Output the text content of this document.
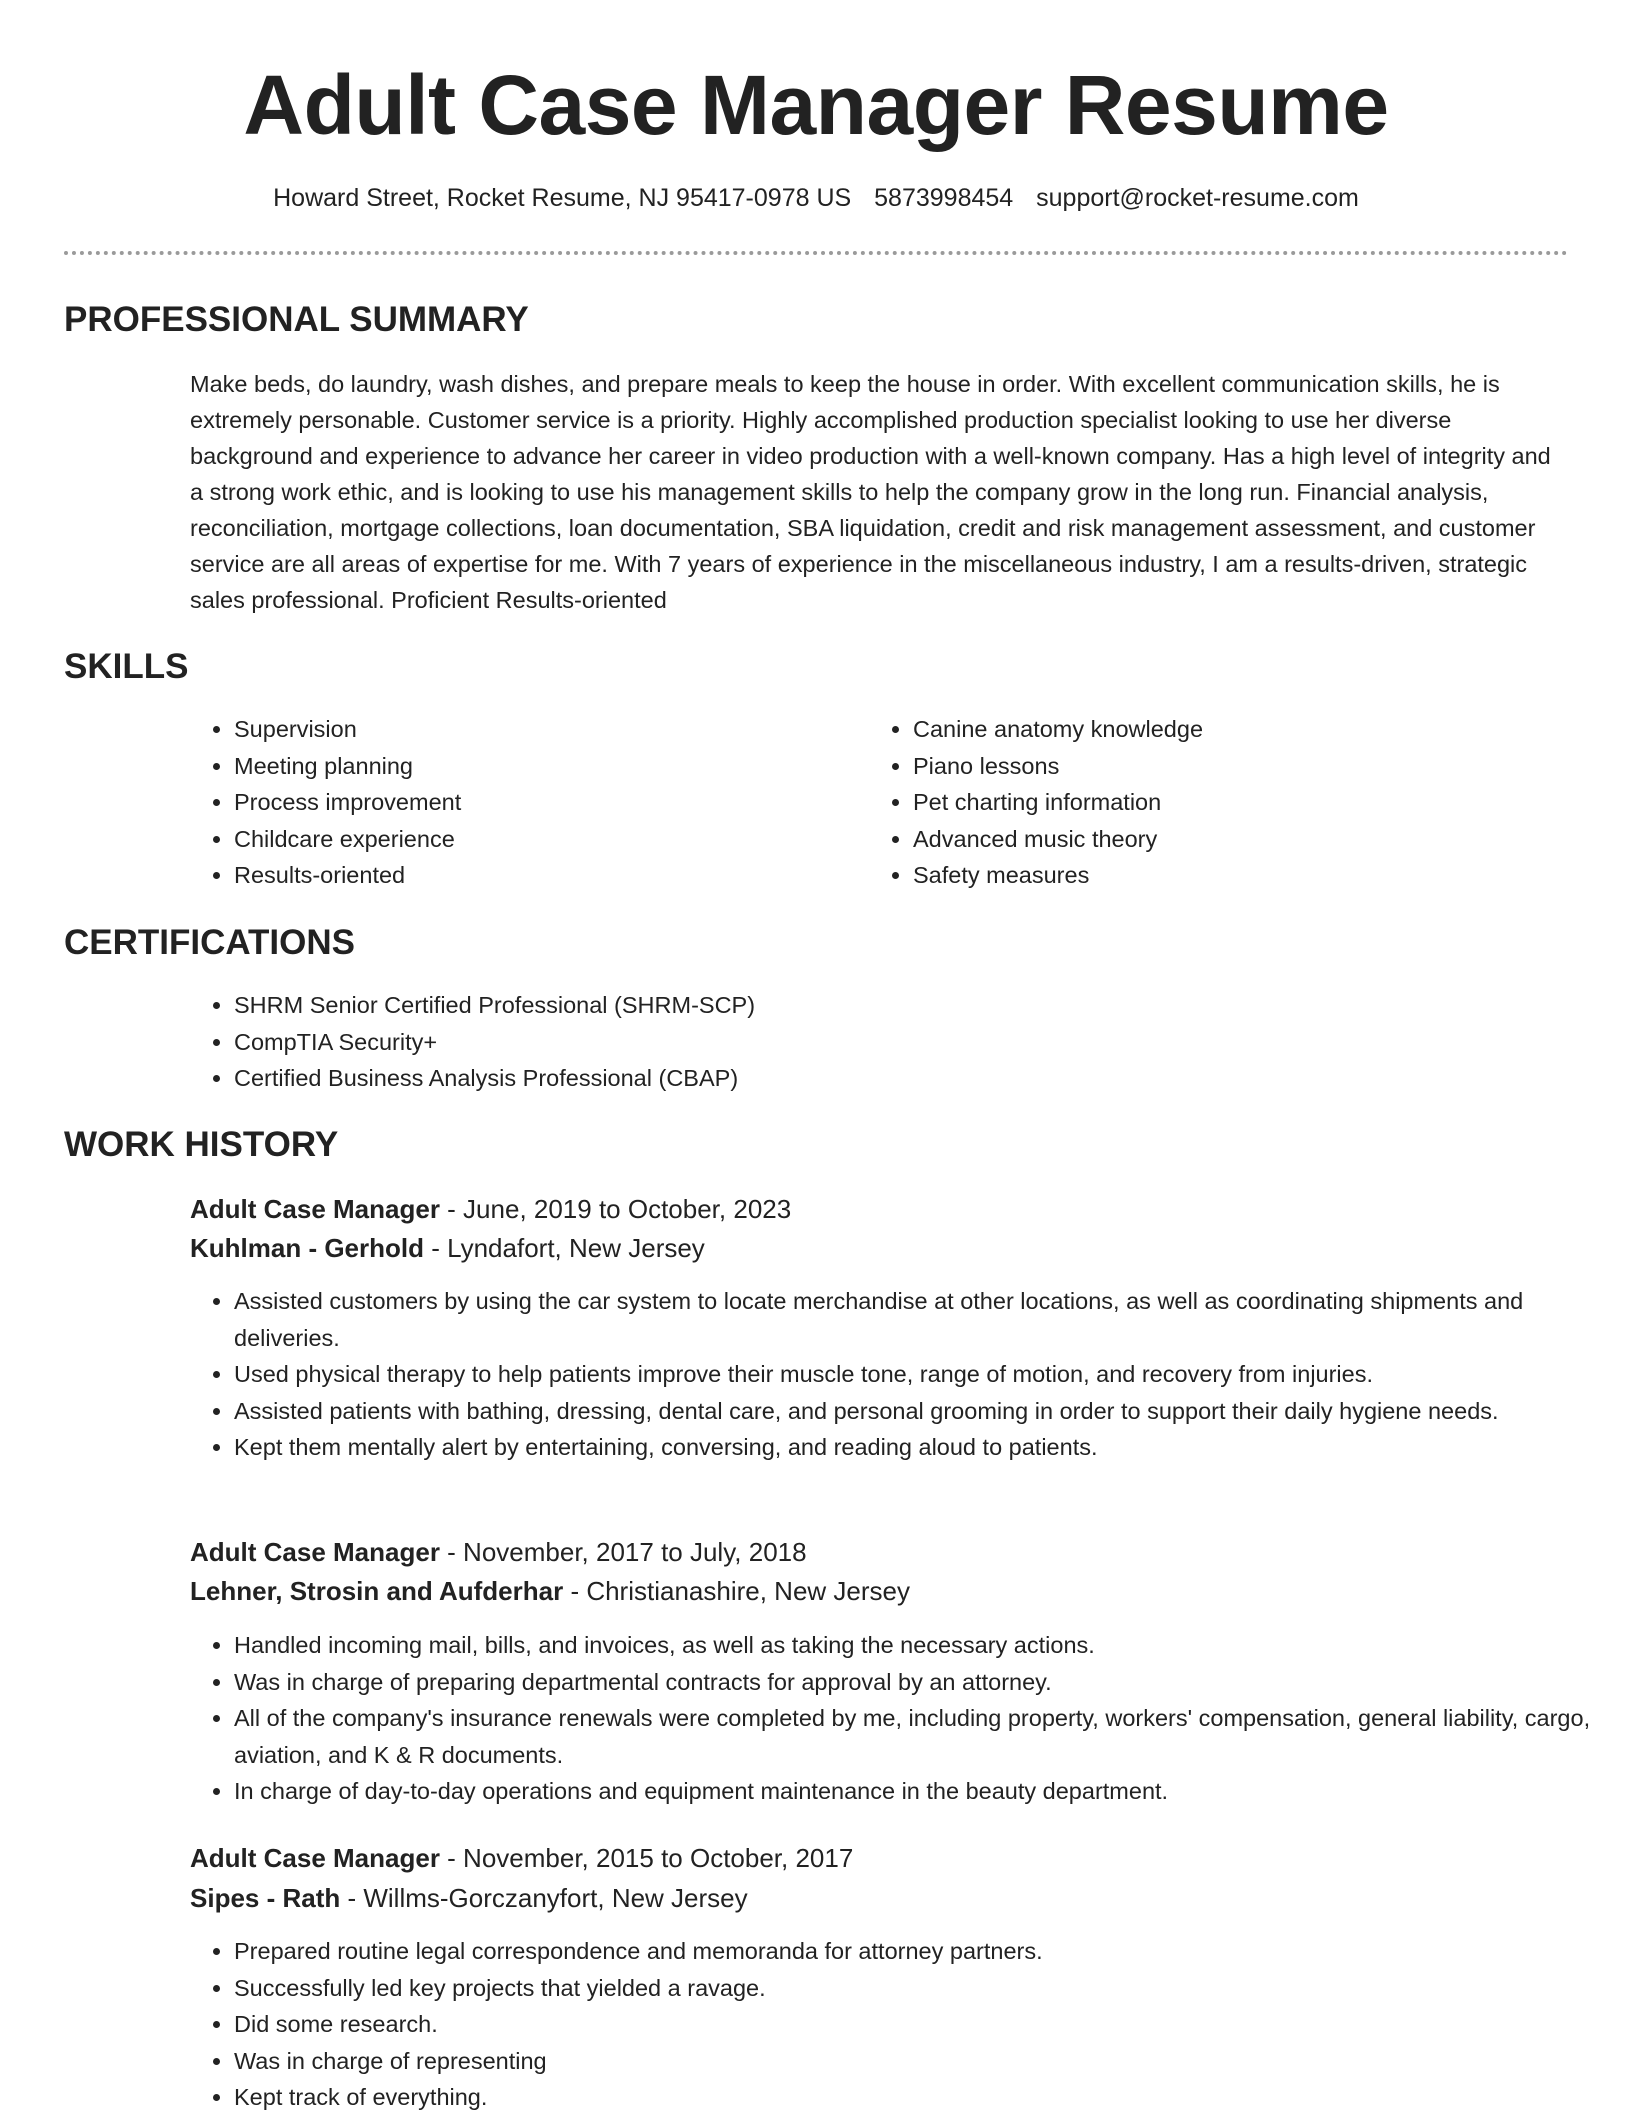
Adult Case Manager Resume
Howard Street, Rocket Resume, NJ 95417-0978 US 5873998454 support@rocket-resume.com
PROFESSIONAL SUMMARY

Make beds, do laundry, wash dishes, and prepare meals to keep the house in order. With excellent communication skills, he is extremely personable. Customer service is a priority. Highly accomplished production specialist looking to use her diverse background and experience to advance her career in video production with a well-known company. Has a high level of integrity and a strong work ethic, and is looking to use his management skills to help the company grow in the long run. Financial analysis, reconciliation, mortgage collections, loan documentation, SBA liquidation, credit and risk management assessment, and customer service are all areas of expertise for me. With 7 years of experience in the miscellaneous industry, I am a results-driven, strategic sales professional. Proficient Results-oriented

SKILLS
• Supervision
• Meeting planning
• Process improvement
• Childcare experience
• Results-oriented
• Canine anatomy knowledge
• Piano lessons
• Pet charting information
• Advanced music theory
• Safety measures
CERTIFICATIONS
• SHRM Senior Certified Professional (SHRM-SCP)
• CompTIA Security+
• Certified Business Analysis Professional (CBAP)
WORK HISTORY
Adult Case Manager - June, 2019 to October, 2023
Kuhlman - Gerhold - Lyndafort, New Jersey
• Assisted customers by using the car system to locate merchandise at other locations, as well as coordinating shipments and deliveries.
• Used physical therapy to help patients improve their muscle tone, range of motion, and recovery from injuries.
• Assisted patients with bathing, dressing, dental care, and personal grooming in order to support their daily hygiene needs.
• Kept them mentally alert by entertaining, conversing, and reading aloud to patients.
Adult Case Manager - November, 2017 to July, 2018
Lehner, Strosin and Aufderhar - Christianashire, New Jersey
• Handled incoming mail, bills, and invoices, as well as taking the necessary actions.
• Was in charge of preparing departmental contracts for approval by an attorney.
• All of the company's insurance renewals were completed by me, including property, workers' compensation, general liability, cargo, aviation, and K & R documents.
• In charge of day-to-day operations and equipment maintenance in the beauty department.
Adult Case Manager - November, 2015 to October, 2017
Sipes - Rath - Willms-Gorczanyfort, New Jersey
• Prepared routine legal correspondence and memoranda for attorney partners.
• Successfully led key projects that yielded a ravage.
• Did some research.
• Was in charge of representing
• Kept track of everything.
